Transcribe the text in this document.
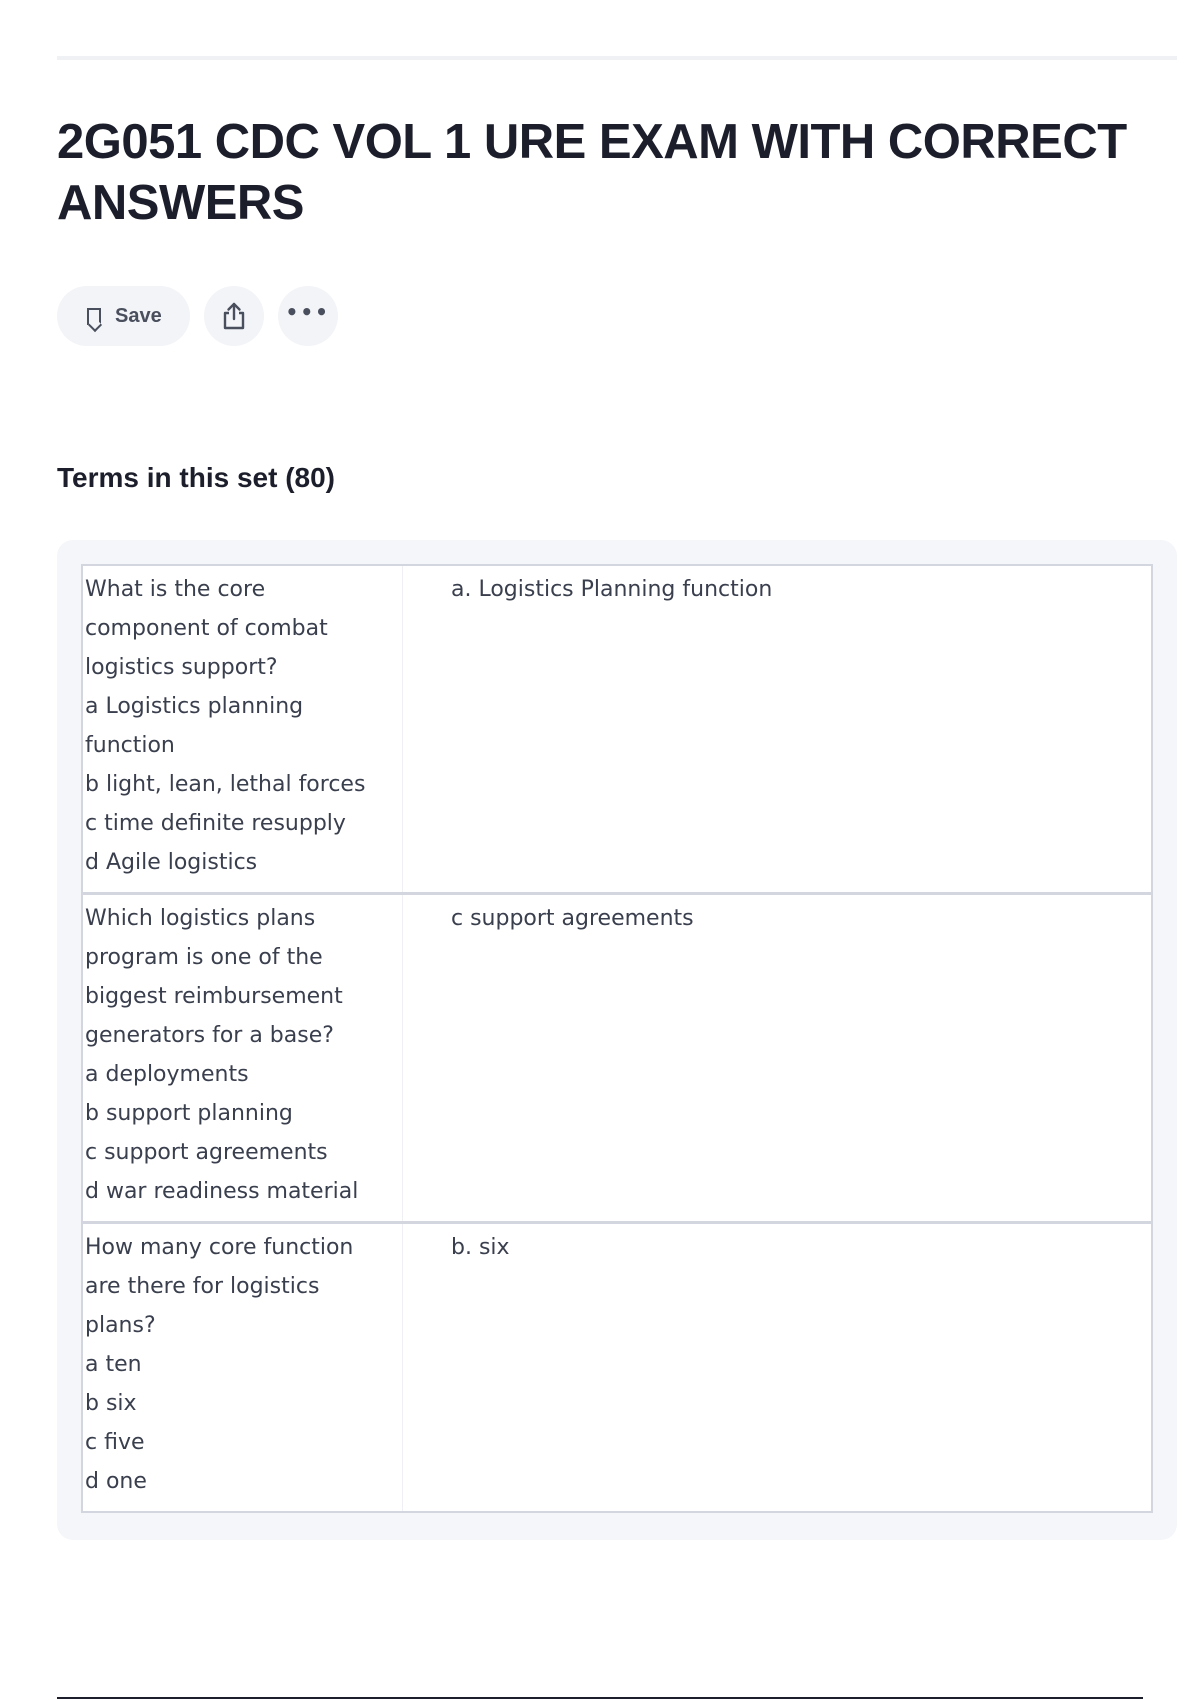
2G051 CDC VOL 1 URE EXAM WITH CORRECT ANSWERS
Save	•••
Terms in this set (80)
What is the core
component of combat
logistics support?
a Logistics planning
function
b light, lean, lethal forces
c time definite resupply
d Agile logistics
a. Logistics Planning function
Which logistics plans
program is one of the
biggest reimbursement
generators for a base?
a deployments
b support planning
c support agreements
d war readiness material
c support agreements
How many core function
are there for logistics
plans?
a ten
b six
c five
d one
b. six
